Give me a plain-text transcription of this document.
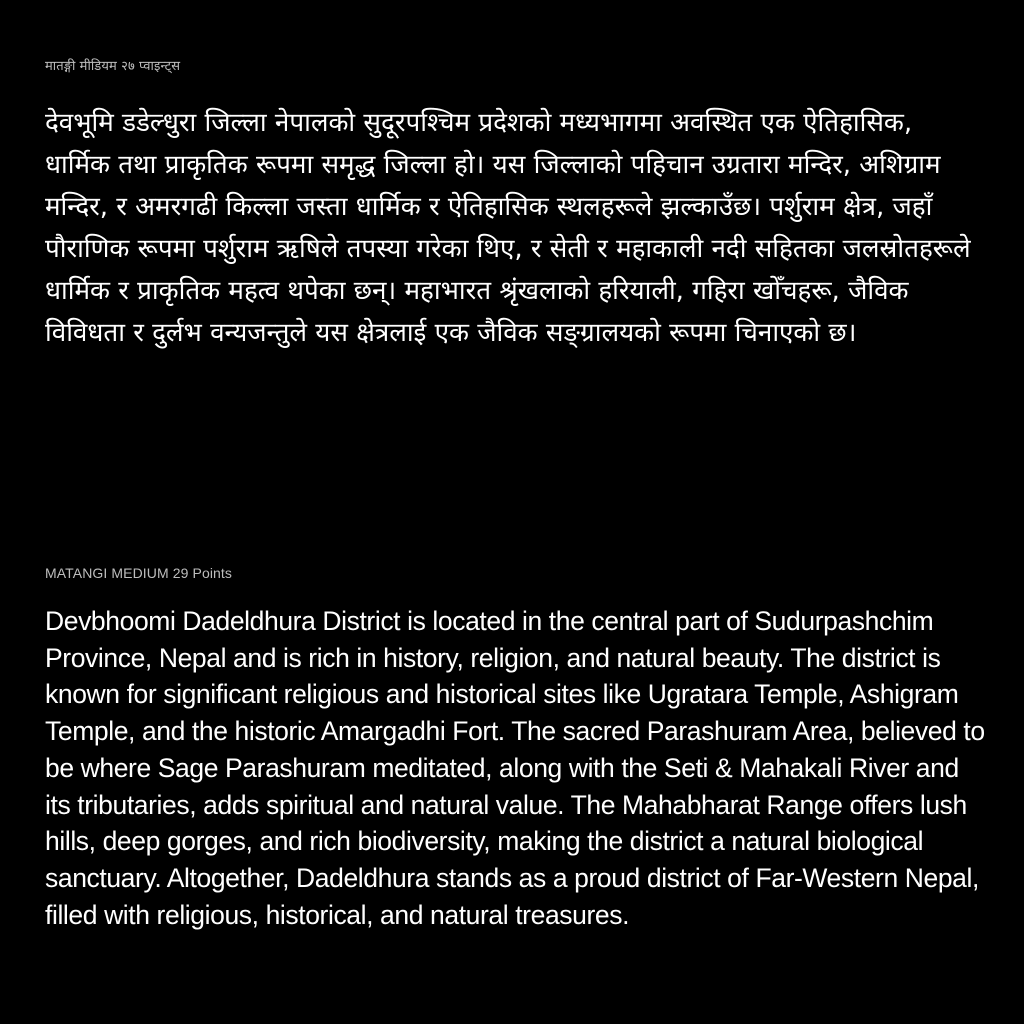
मातङ्गी मीडियम २७ प्वाइन्ट्स

देवभूमि डडेल्धुरा जिल्ला नेपालको सुदूरपश्चिम प्रदेशको मध्यभागमा अवस्थित एक ऐतिहासिक, धार्मिक तथा प्राकृतिक रूपमा समृद्ध जिल्ला हो। यस जिल्लाको पहिचान उग्रतारा मन्दिर, अशिग्राम मन्दिर, र अमरगढी किल्ला जस्ता धार्मिक र ऐतिहासिक स्थलहरूले झल्काउँछ। पर्शुराम क्षेत्र, जहाँ पौराणिक रूपमा पर्शुराम ऋषिले तपस्या गरेका थिए, र सेती र महाकाली नदी सहितका जलस्रोतहरूले धार्मिक र प्राकृतिक महत्व थपेका छन्। महाभारत श्रृंखलाको हरियाली, गहिरा खोँचहरू, जैविक विविधता र दुर्लभ वन्यजन्तुले यस क्षेत्रलाई एक जैविक सङ्ग्रालयको रूपमा चिनाएको छ।

MATANGI MEDIUM 29 Points

Devbhoomi Dadeldhura District is located in the central part of Sudurpashchim Province, Nepal and is rich in history, religion, and natural beauty. The district is known for significant religious and historical sites like Ugratara Temple, Ashigram Temple, and the historic Amargadhi Fort. The sacred Parashuram Area, believed to be where Sage Parashuram meditated, along with the Seti & Mahakali River and its tributaries, adds spiritual and natural value. The Mahabharat Range offers lush hills, deep gorges, and rich biodiversity, making the district a natural biological sanctuary. Altogether, Dadeldhura stands as a proud district of Far-Western Nepal, filled with religious, historical, and natural treasures.
